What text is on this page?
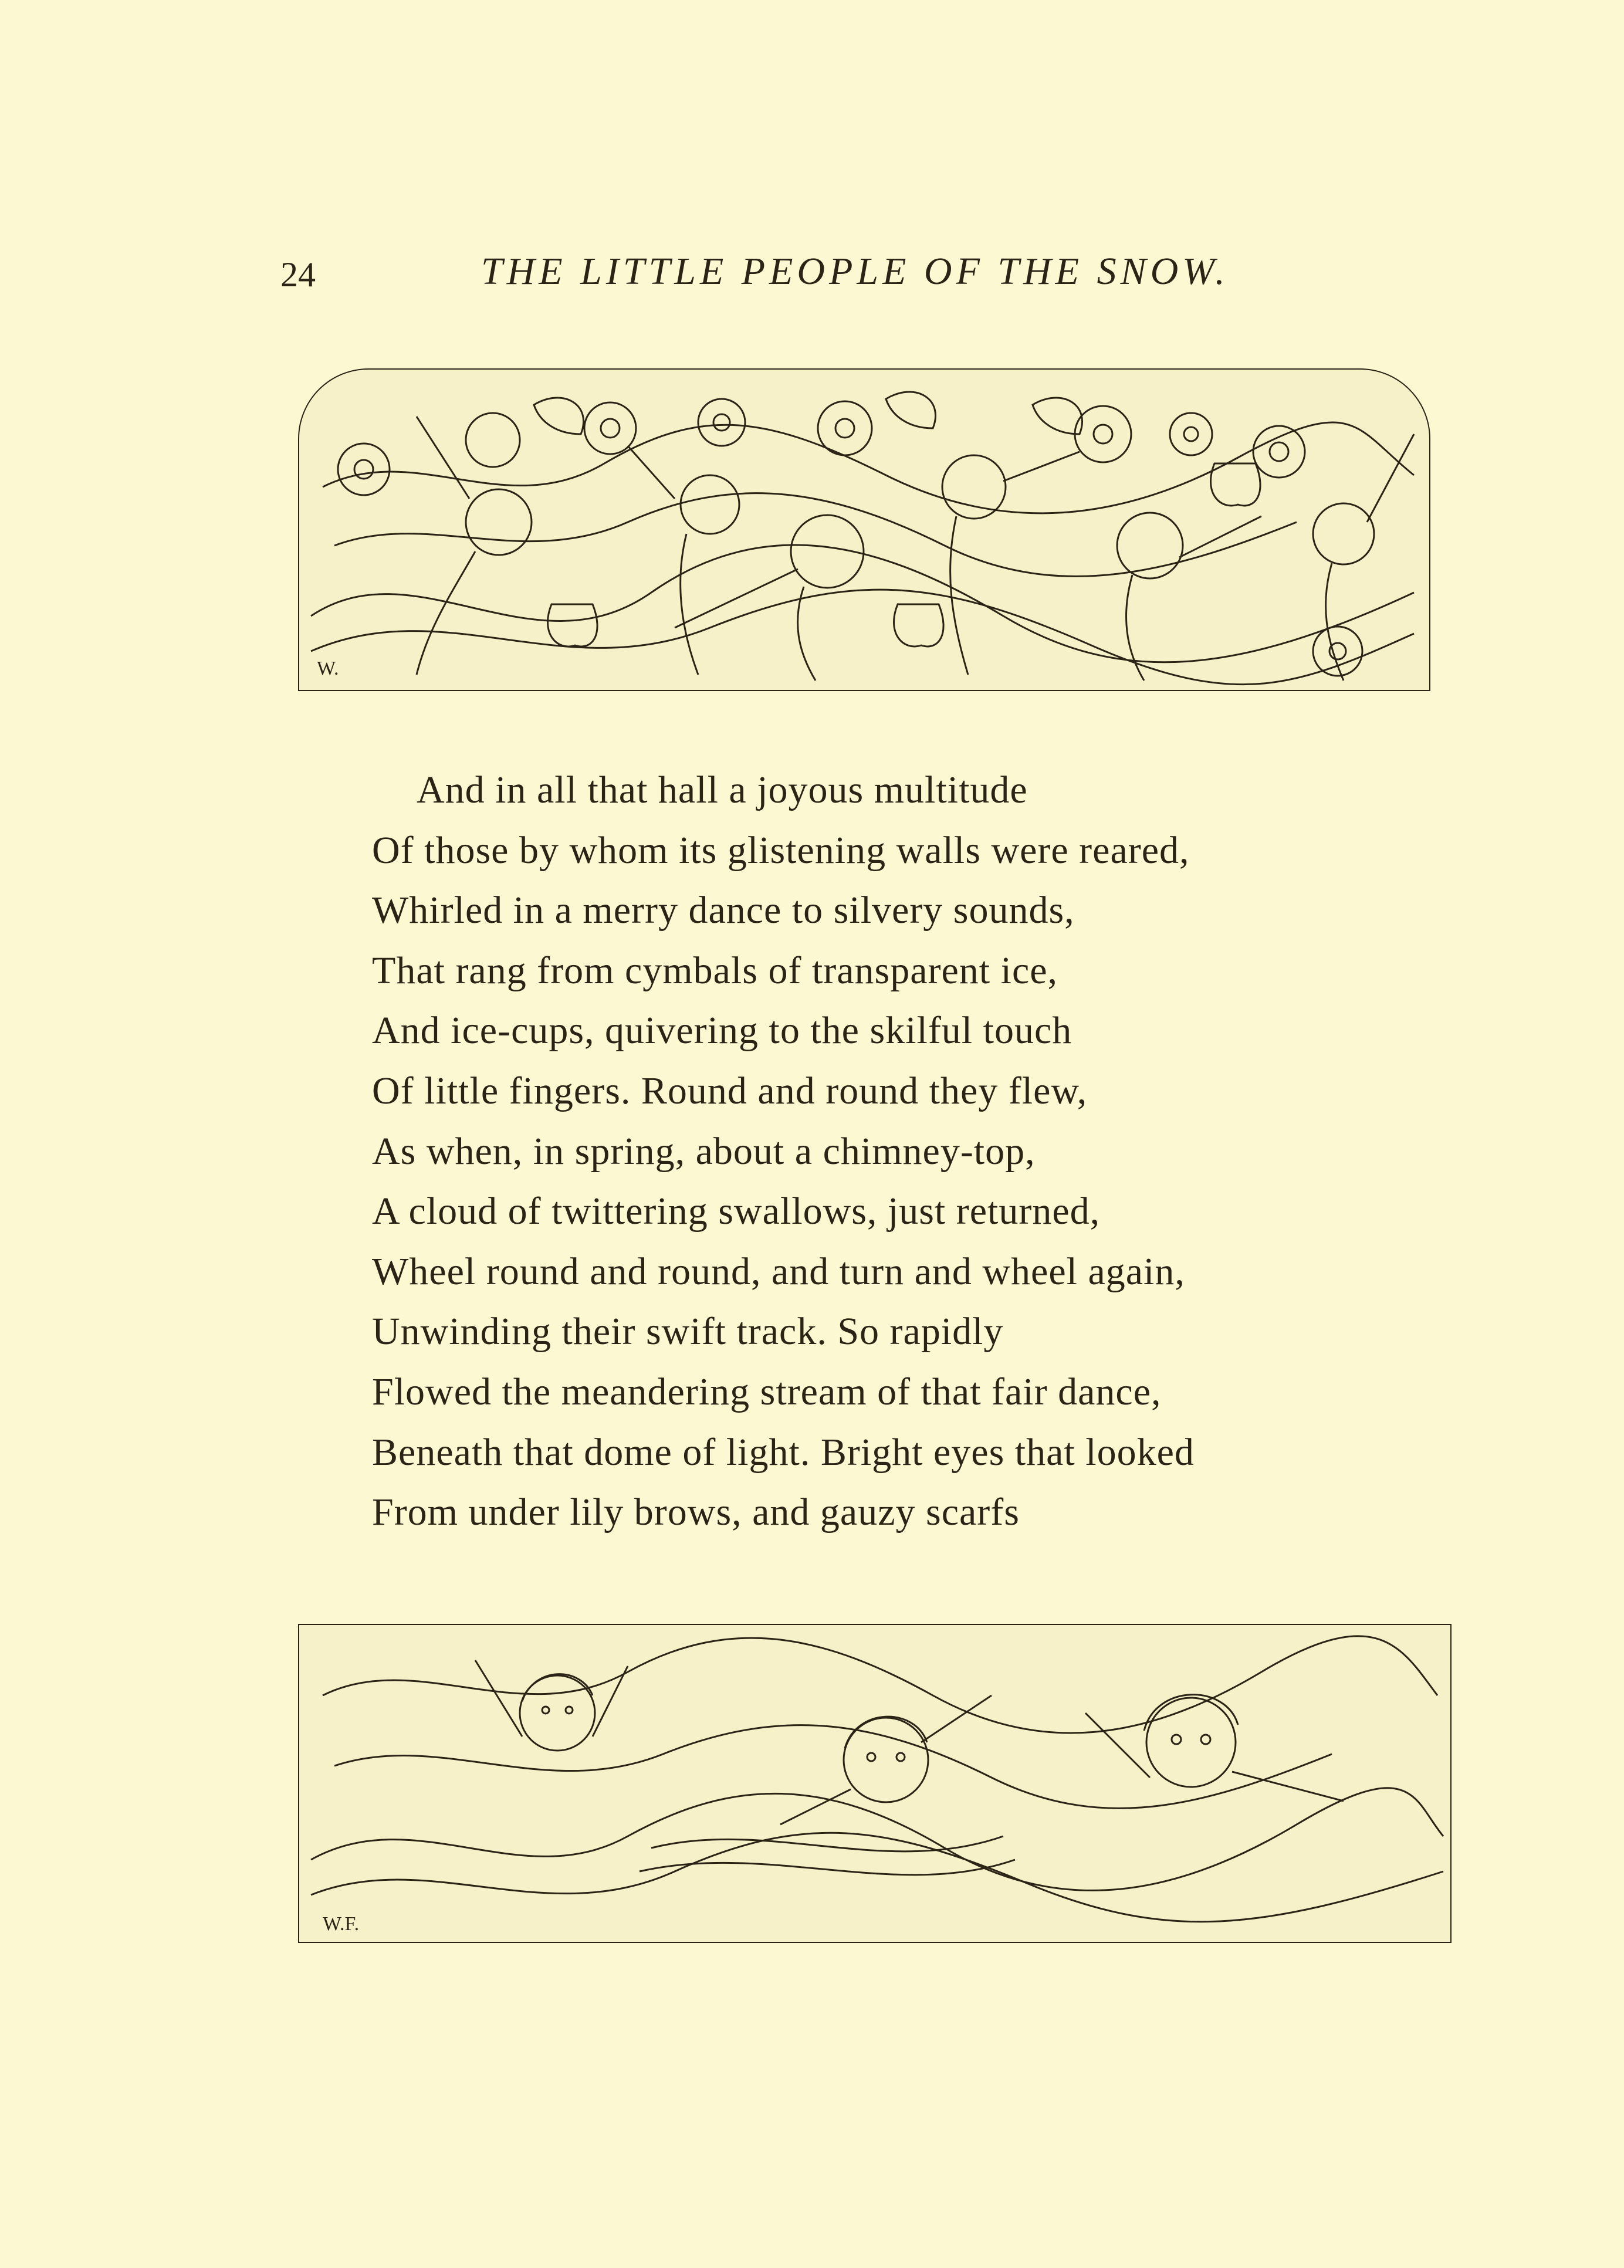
24	THE LITTLE PEOPLE OF THE SNOW.
W.
And in all that hall a joyous multitude
Of those by whom its glistening walls were reared,
Whirled in a merry dance to silvery sounds,
That rang from cymbals of transparent ice,
And ice-cups, quivering to the skilful touch
Of little fingers. Round and round they flew,
As when, in spring, about a chimney-top,
A cloud of twittering swallows, just returned,
Wheel round and round, and turn and wheel again,
Unwinding their swift track. So rapidly
Flowed the meandering stream of that fair dance,
Beneath that dome of light. Bright eyes that looked
From under lily brows, and gauzy scarfs
W.F.
